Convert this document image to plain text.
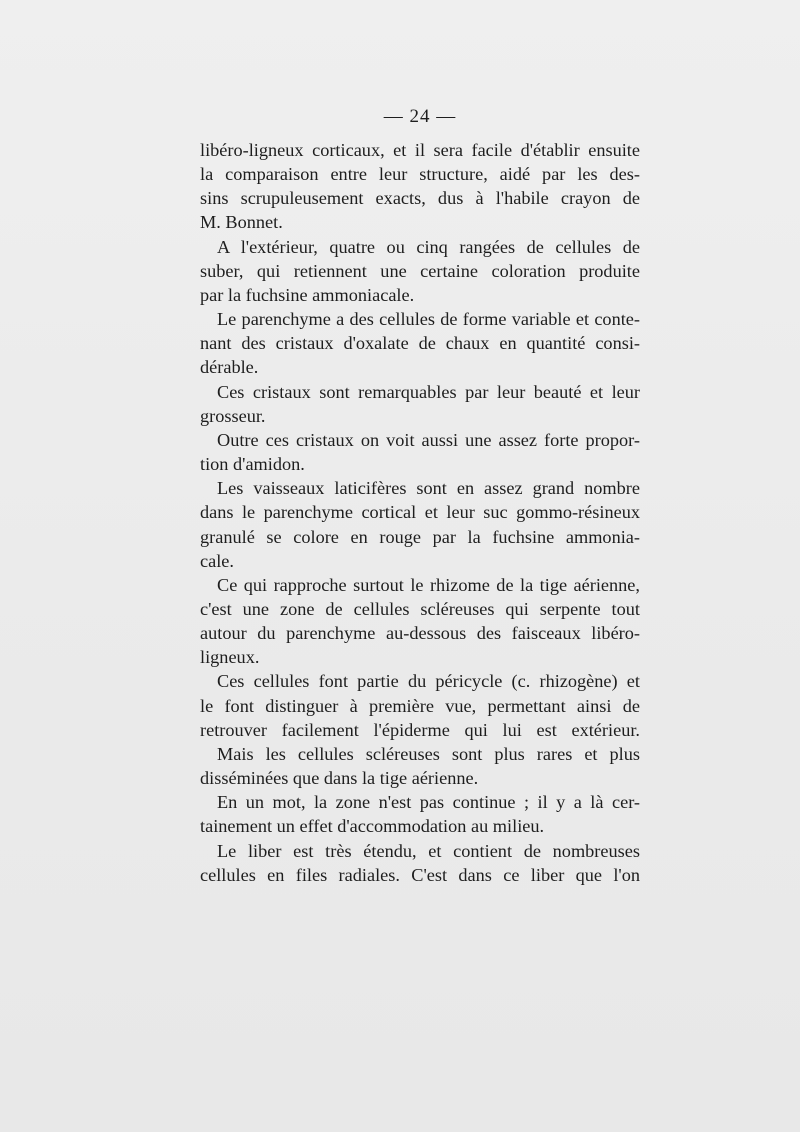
— 24 —
libéro-ligneux corticaux, et il sera facile d'établir ensuite
la comparaison entre leur structure, aidé par les des-
sins scrupuleusement exacts, dus à l'habile crayon de
M. Bonnet.
A l'extérieur, quatre ou cinq rangées de cellules de
suber, qui retiennent une certaine coloration produite
par la fuchsine ammoniacale.
Le parenchyme a des cellules de forme variable et conte-
nant des cristaux d'oxalate de chaux en quantité consi-
dérable.
Ces cristaux sont remarquables par leur beauté et leur
grosseur.
Outre ces cristaux on voit aussi une assez forte propor-
tion d'amidon.
Les vaisseaux laticifères sont en assez grand nombre
dans le parenchyme cortical et leur suc gommo-résineux
granulé se colore en rouge par la fuchsine ammonia-
cale.
Ce qui rapproche surtout le rhizome de la tige aérienne,
c'est une zone de cellules scléreuses qui serpente tout
autour du parenchyme au-dessous des faisceaux libéro-
ligneux.
Ces cellules font partie du péricycle (c. rhizogène) et
le font distinguer à première vue, permettant ainsi de
retrouver facilement l'épiderme qui lui est extérieur.
Mais les cellules scléreuses sont plus rares et plus
disséminées que dans la tige aérienne.
En un mot, la zone n'est pas continue ; il y a là cer-
tainement un effet d'accommodation au milieu.
Le liber est très étendu, et contient de nombreuses
cellules en files radiales. C'est dans ce liber que l'on
